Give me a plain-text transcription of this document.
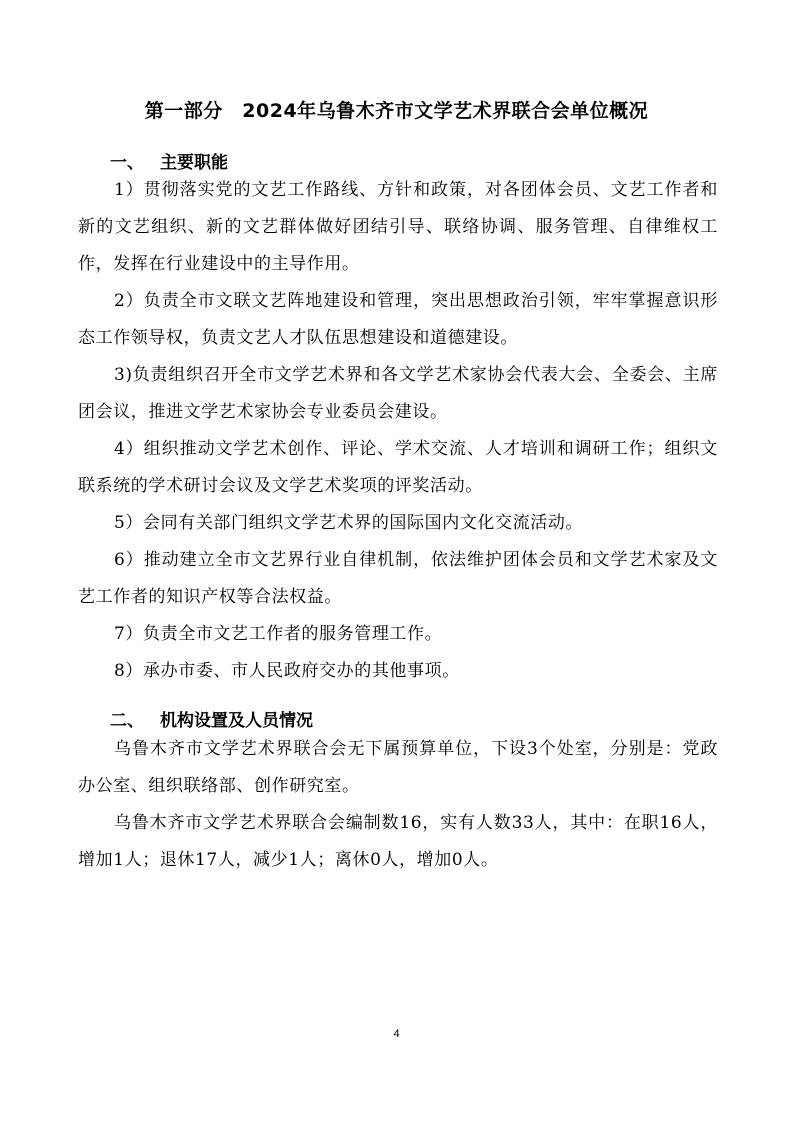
第一部分　2024年乌鲁木齐市文学艺术界联合会单位概况
一、 主要职能

1）贯彻落实党的文艺工作路线、方针和政策，对各团体会员、文艺工作者和新的文艺组织、新的文艺群体做好团结引导、联络协调、服务管理、自律维权工作，发挥在行业建设中的主导作用。

2）负责全市文联文艺阵地建设和管理，突出思想政治引领，牢牢掌握意识形态工作领导权，负责文艺人才队伍思想建设和道德建设。

3)负责组织召开全市文学艺术界和各文学艺术家协会代表大会、全委会、主席团会议，推进文学艺术家协会专业委员会建设。

4）组织推动文学艺术创作、评论、学术交流、人才培训和调研工作；组织文联系统的学术研讨会议及文学艺术奖项的评奖活动。

5）会同有关部门组织文学艺术界的国际国内文化交流活动。

6）推动建立全市文艺界行业自律机制，依法维护团体会员和文学艺术家及文艺工作者的知识产权等合法权益。

7）负责全市文艺工作者的服务管理工作。

8）承办市委、市人民政府交办的其他事项。

二、 机构设置及人员情况

乌鲁木齐市文学艺术界联合会无下属预算单位，下设3个处室，分别是：党政办公室、组织联络部、创作研究室。

乌鲁木齐市文学艺术界联合会编制数16，实有人数33人，其中：在职16人，增加1人；退休17人，减少1人；离休0人，增加0人。

4
